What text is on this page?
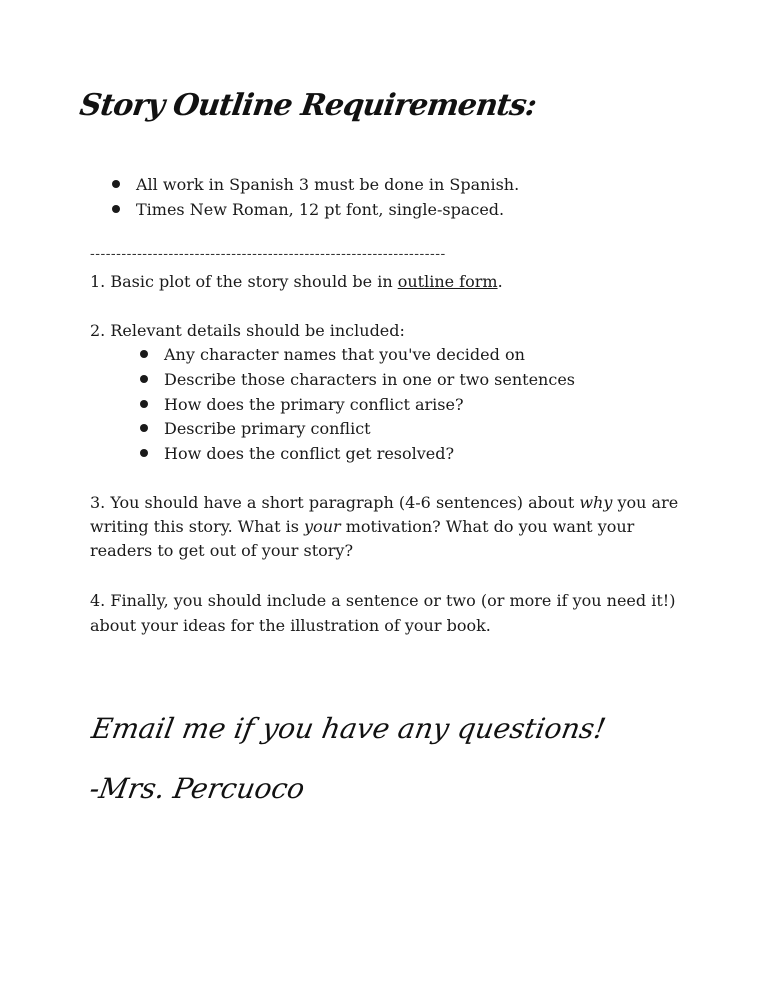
Story Outline Requirements:
All work in Spanish 3 must be done in Spanish.
Times New Roman, 12 pt font, single-spaced.
--------------------------------------------------------------------
1. Basic plot of the story should be in outline form.
2. Relevant details should be included:
Any character names that you've decided on
Describe those characters in one or two sentences
How does the primary conflict arise?
Describe primary conflict
How does the conflict get resolved?
3. You should have a short paragraph (4-6 sentences) about why you are
writing this story. What is your motivation? What do you want your
readers to get out of your story?
4. Finally, you should include a sentence or two (or more if you need it!)
about your ideas for the illustration of your book.
Email me if you have any questions!
-Mrs. Percuoco
